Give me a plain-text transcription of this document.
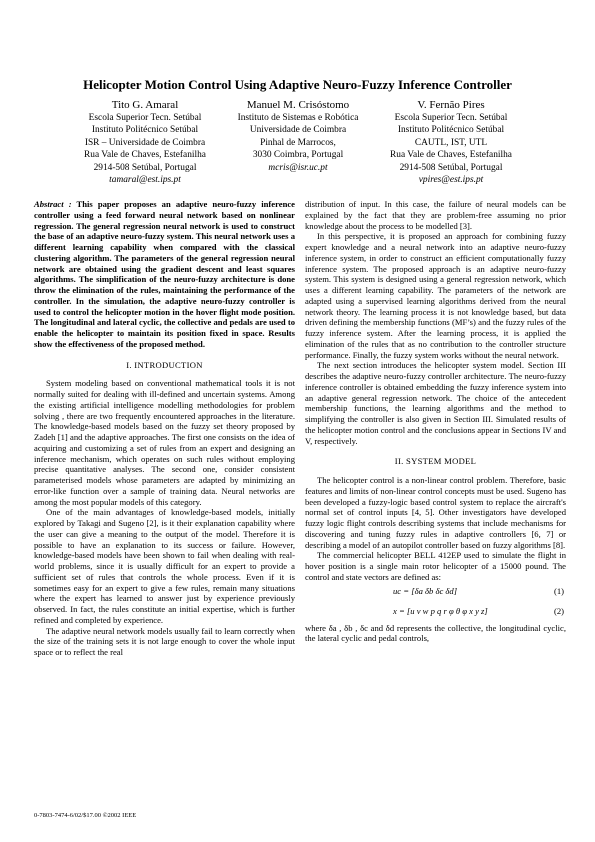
Helicopter Motion Control Using Adaptive Neuro-Fuzzy Inference Controller
Tito G. Amaral
Escola Superior Tecn. Setúbal
Instituto Politécnico Setúbal
ISR – Universidade de Coimbra
Rua Vale de Chaves, Estefanilha
2914-508 Setúbal, Portugal
tamaral@est.ips.pt
Manuel M. Crisóstomo
Instituto de Sistemas e Robótica
Universidade de Coimbra
Pinhal de Marrocos,
3030 Coimbra, Portugal
mcris@isr.uc.pt
V. Fernão Pires
Escola Superior Tecn. Setúbal
Instituto Politécnico Setúbal
CAUTL, IST, UTL
Rua Vale de Chaves, Estefanilha
2914-508 Setúbal, Portugal
vpires@est.ips.pt

Abstract : This paper proposes an adaptive neuro-fuzzy inference controller using a feed forward neural network based on nonlinear regression. The general regression neural network is used to construct the base of an adaptive neuro-fuzzy system. This neural network uses a different learning capability when compared with the classical clustering algorithm. The parameters of the general regression neural network are obtained using the gradient descent and least squares algorithms. The simplification of the neuro-fuzzy architecture is done throw the elimination of the rules, maintaining the performance of the controller. In the simulation, the adaptive neuro-fuzzy controller is used to control the helicopter motion in the hover flight mode position. The longitudinal and lateral cyclic, the collective and pedals are used to enable the helicopter to maintain its position fixed in space. Results show the effectiveness of the proposed method.

I. INTRODUCTION

System modeling based on conventional mathematical tools it is not normally suited for dealing with ill-defined and uncertain systems. Among the existing artificial intelligence modelling methodologies for problem solving , there are two frequently encountered approaches in the literature. The knowledge-based models based on the fuzzy set theory proposed by Zadeh [1] and the adaptive approaches. The first one consists on the idea of acquiring and customizing a set of rules from an expert and designing an inference mechanism, which operates on such rules without employing precise quantitative analyses. The second one, consider consistent parameterised models whose parameters are adapted by minimizing an error-like function over a sample of training data. Neural networks are among the most popular models of this category.

One of the main advantages of knowledge-based models, initially explored by Takagi and Sugeno [2], is it their explanation capability where the user can give a meaning to the output of the model. Therefore it is possible to have an explanation to its success or failure. However, knowledge-based models have been shown to fail when dealing with real-world problems, since it is usually difficult for an expert to provide a sufficient set of rules that controls the whole process. Even if it is sometimes easy for an expert to give a few rules, remain many situations where the expert has learned to answer just by experience previously observed. In fact, the rules constitute an initial expertise, which is further refined and completed by experience.

The adaptive neural network models usually fail to learn correctly when the size of the training sets it is not large enough to cover the whole input space or to reflect the real

distribution of input. In this case, the failure of neural models can be explained by the fact that they are problem-free assuming no prior knowledge about the process to be modelled [3].

In this perspective, it is proposed an approach for combining fuzzy expert knowledge and a neural network into an adaptive neuro-fuzzy inference system, in order to construct an efficient computationally fuzzy inference system. The proposed approach is an adaptive neuro-fuzzy system. This system is designed using a general regression network, which uses a different learning capability. The parameters of the network are adapted using a supervised learning algorithms derived from the neural network theory. The learning process it is not knowledge based, but data driven defining the membership functions (MF’s) and the fuzzy rules of the fuzzy inference system. After the learning process, it is applied the elimination of the rules that as no contribution to the controller structure performance. Finally, the fuzzy system works without the neural network.

The next section introduces the helicopter system model. Section III describes the adaptive neuro-fuzzy controller architecture. The neuro-fuzzy inference controller is obtained embedding the fuzzy inference system into an adaptive general regression network. The choice of the antecedent membership functions, the learning algorithms and the method to simplifying the controller is also given in Section III. Simulated results of the helicopter motion control and the conclusions appear in Sections IV and V, respectively.

II. SYSTEM MODEL

The helicopter control is a non-linear control problem. Therefore, basic features and limits of non-linear control concepts must be used. Sugeno has been developed a fuzzy-logic based control system to replace the aircraft's normal set of control inputs [4, 5]. Other investigators have developed fuzzy logic flight controls describing systems that include mechanisms for discovering and tuning fuzzy rules in adaptive controllers [6, 7] or describing a model of an autopilot controller based on fuzzy algorithms [8].

The commercial helicopter BELL 412EP used to simulate the flight in hover position is a single main rotor helicopter of a 15000 pound. The control and state vectors are defined as:

uc = [δa δb δc δd]	(1)
x = [u v w p q r φ θ φ x y z]	(2)

where δa , δb , δc and δd represents the collective, the longitudinal cyclic, the lateral cyclic and pedal controls,

0-7803-7474-6/02/$17.00 ©2002 IEEE
